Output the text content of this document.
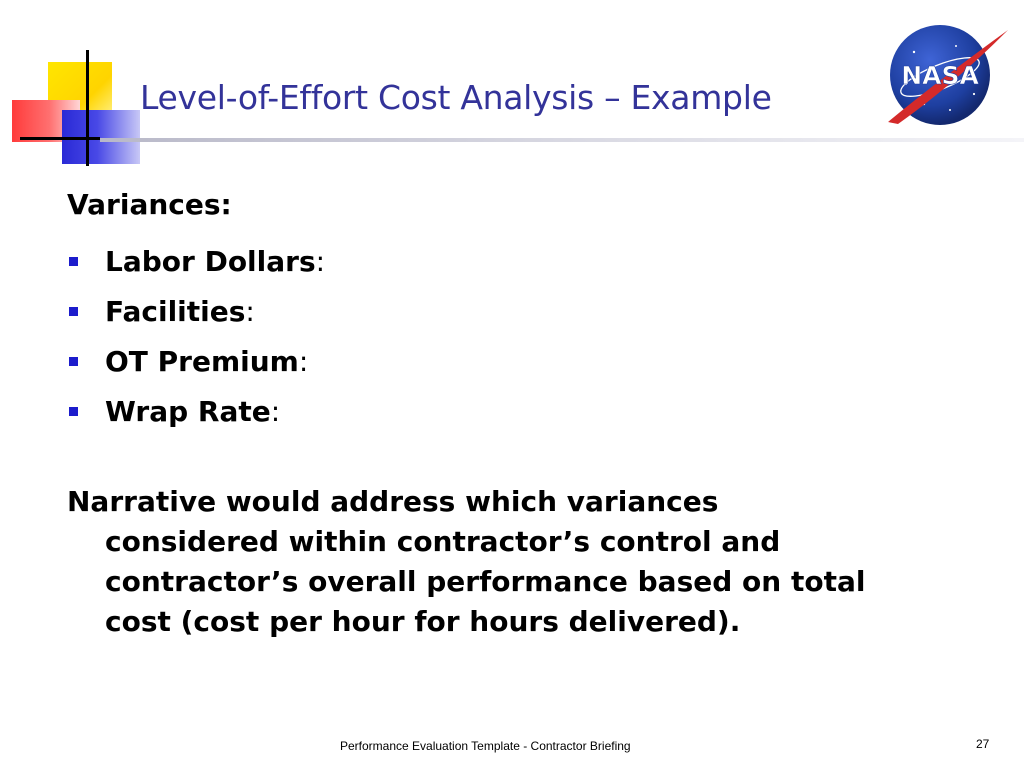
Level-of-Effort Cost Analysis – Example
NASA
Variances:
Labor Dollars :
Facilities :
OT Premium :
Wrap Rate :
Narrative would address which variances
considered within contractor’s control and
contractor’s overall performance based on total
cost (cost per hour for hours delivered).
Performance Evaluation Template - Contractor Briefing	27
